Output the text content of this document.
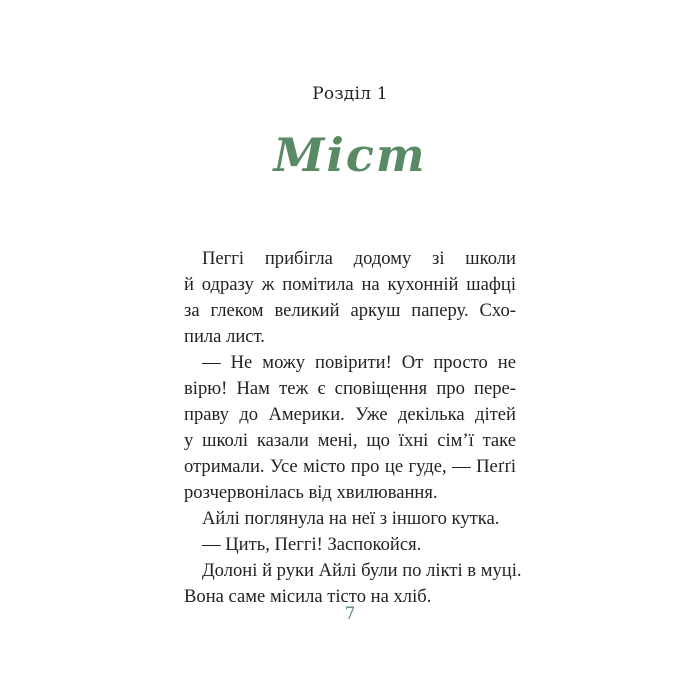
Розділ 1
Міст
Пеггі прибігла додому зі школи
й одразу ж помітила на кухонній шафці
за глеком великий аркуш паперу. Схо-
пила лист.
— Не можу повірити! От просто не
вірю! Нам теж є сповіщення про пере-
праву до Америки. Уже декілька дітей
у школі казали мені, що їхні сім’ї таке
отримали. Усе місто про це гуде, — Пеґґі
розчервонілась від хвилювання.
Айлі поглянула на неї з іншого кутка.
— Цить, Пеггі! Заспокойся.
Долоні й руки Айлі були по лікті в муці.
Вона саме місила тісто на хліб.
7
